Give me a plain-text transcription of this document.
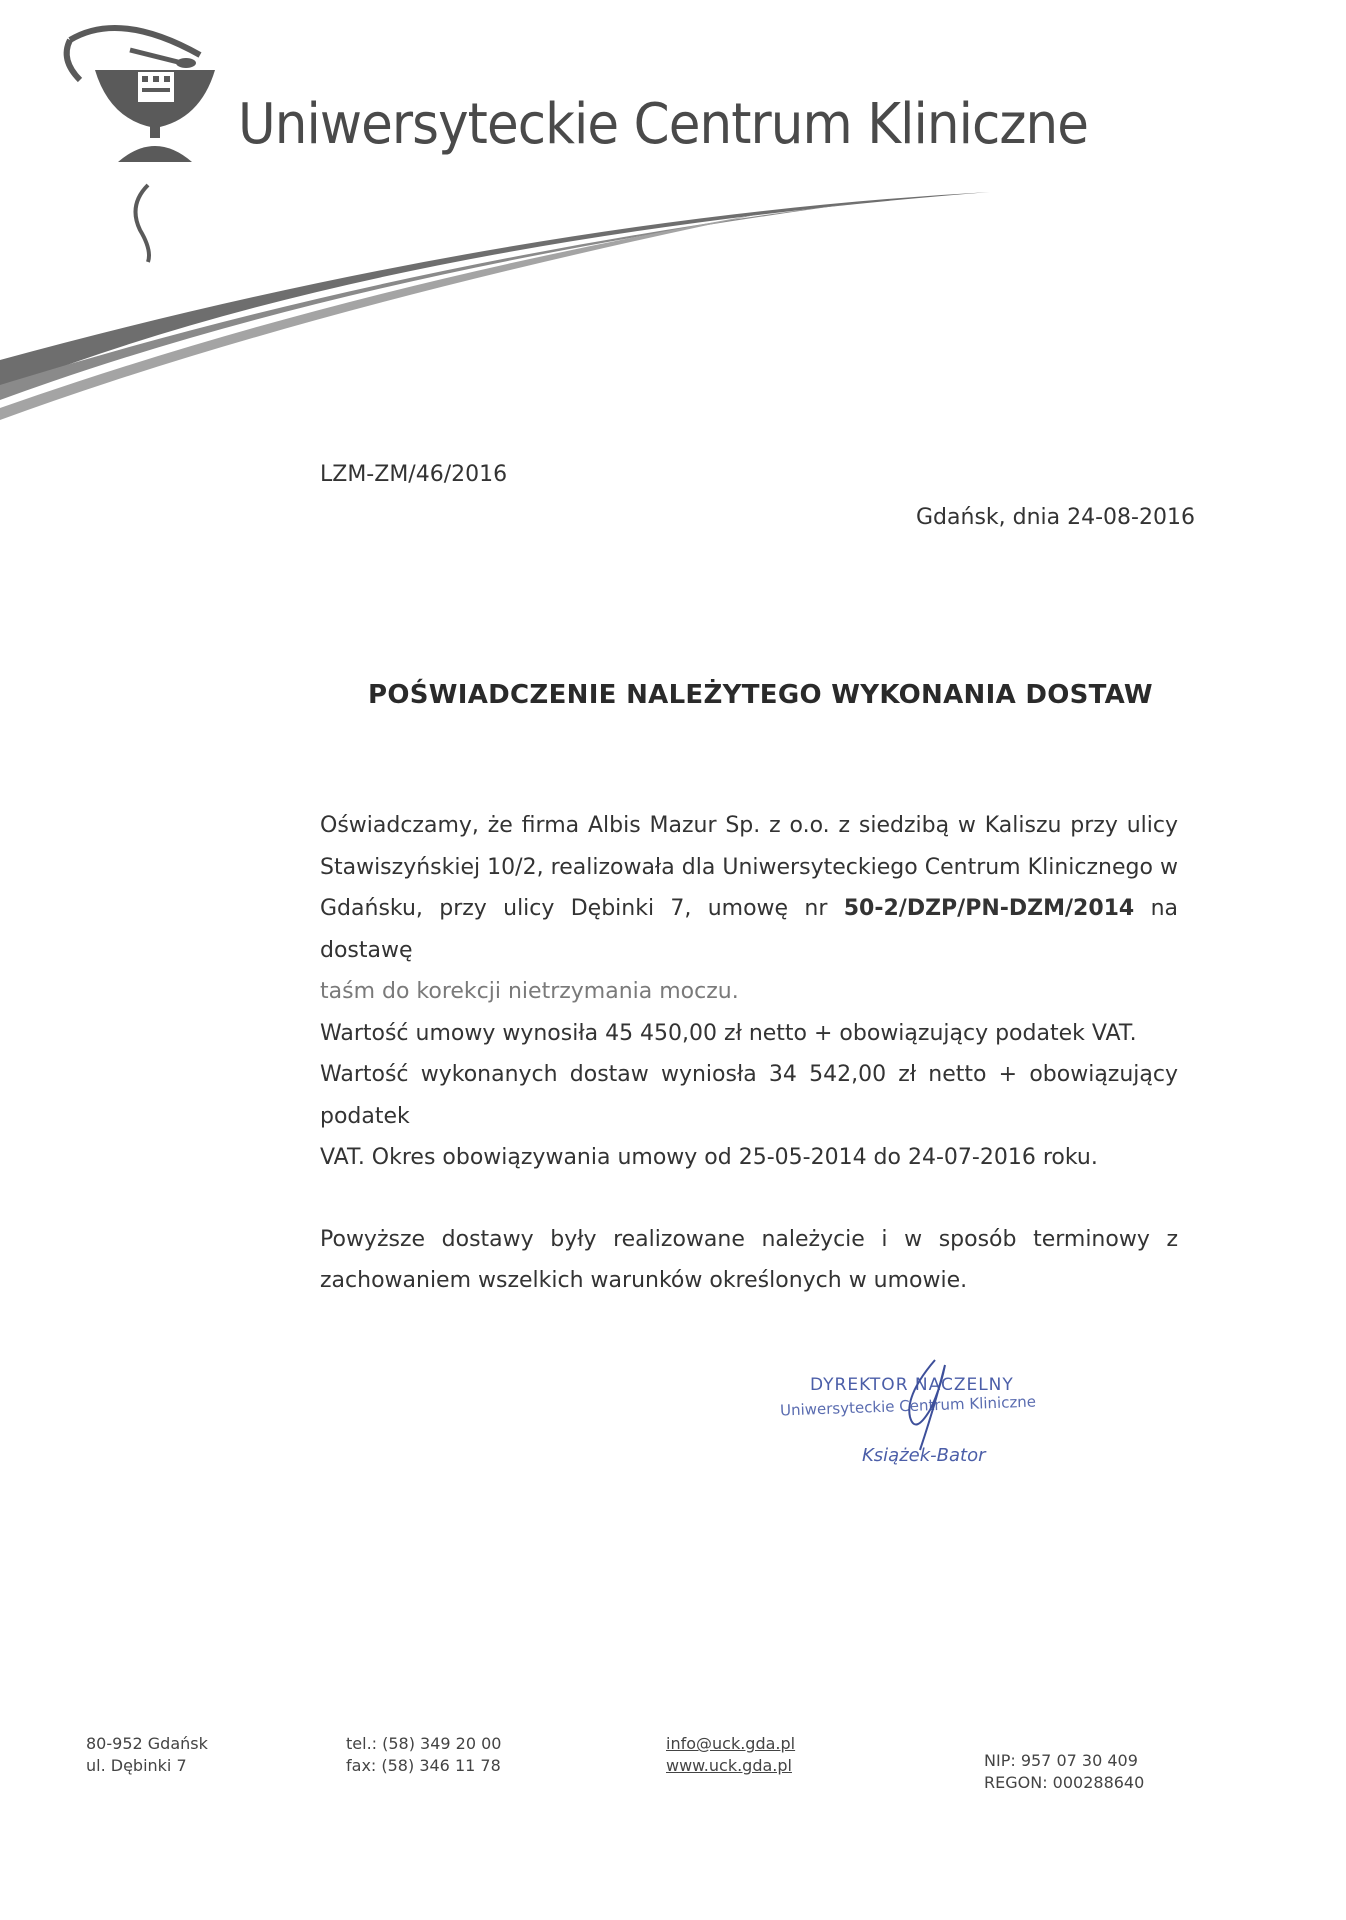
Uniwersyteckie Centrum Kliniczne
LZM-ZM/46/2016
Gdańsk, dnia 24-08-2016
POŚWIADCZENIE NALEŻYTEGO WYKONANIA DOSTAW

Oświadczamy, że firma Albis Mazur Sp. z o.o. z siedzibą w Kaliszu przy ulicy

Stawiszyńskiej 10/2, realizowała dla Uniwersyteckiego Centrum Klinicznego w

Gdańsku, przy ulicy Dębinki 7, umowę nr 50-2/DZP/PN-DZM/2014 na dostawę

taśm do korekcji nietrzymania moczu.

Wartość umowy wynosiła 45 450,00 zł netto + obowiązujący podatek VAT.

Wartość wykonanych dostaw wyniosła 34 542,00 zł netto + obowiązujący podatek

VAT. Okres obowiązywania umowy od 25-05-2014 do 24-07-2016 roku.

Powyższe dostawy były realizowane należycie i w sposób terminowy z

zachowaniem wszelkich warunków określonych w umowie.

DYREKTOR NACZELNY
Uniwersyteckie Centrum Kliniczne
Książek-Bator
80-952 Gdańsk
ul. Dębinki 7
tel.: (58) 349 20 00
fax: (58) 346 11 78
info@uck.gda.pl
www.uck.gda.pl	NIP: 957 07 30 409
REGON: 000288640
